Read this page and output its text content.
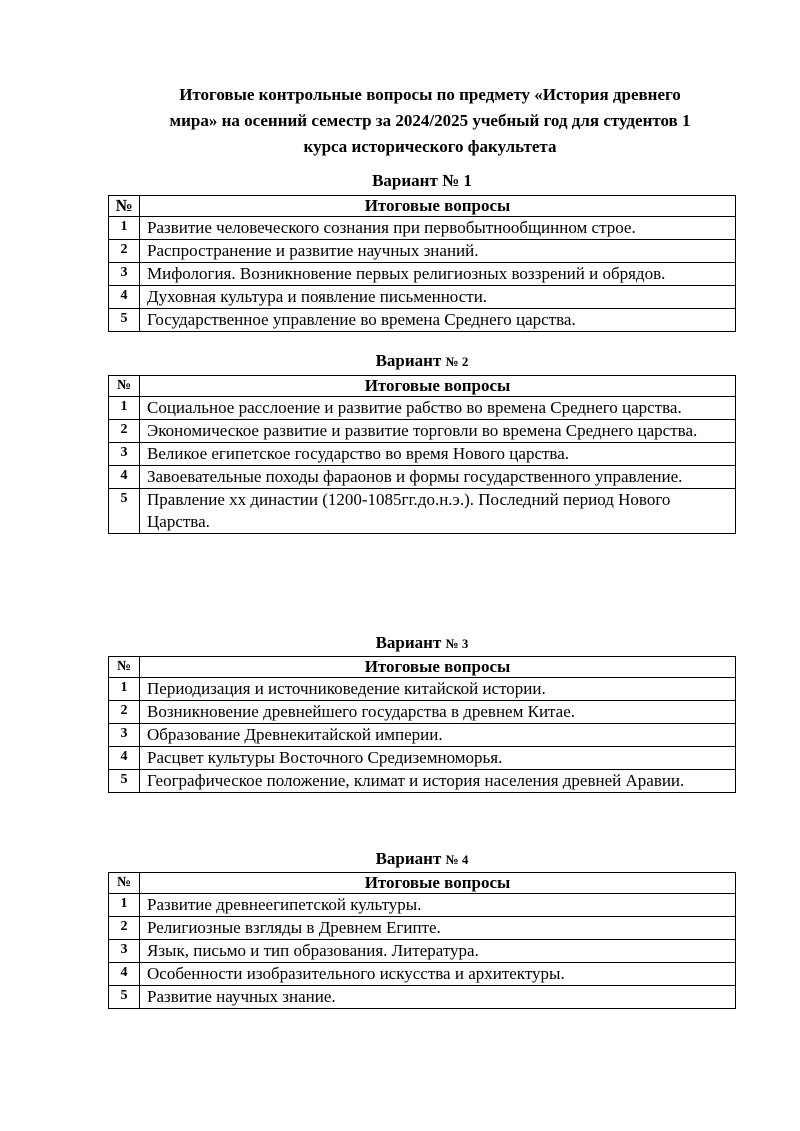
Итоговые контрольные вопросы по предмету «История древнего
мира» на осенний семестр за 2024/2025 учебный год для студентов 1
курса исторического факультета
Вариант № 1
№	Итоговые вопросы
1	Развитие человеческого сознания при первобытнообщинном строе.
2	Распространение и развитие научных знаний.
3	Мифология. Возникновение первых религиозных воззрений и обрядов.
4	Духовная культура и появление письменности.
5	Государственное управление во времена Среднего царства.
Вариант № 2
№	Итоговые вопросы
1	Социальное расслоение и развитие рабство во времена Среднего царства.
2	Экономическое развитие и развитие торговли во времена Среднего царства.
3	Великое египетское государство во время Нового царства.
4	Завоевательные походы фараонов и формы государственного управление.
5	Правление xx династии (1200-1085гг.до.н.э.). Последний период Нового Царства.
Вариант № 3
№	Итоговые вопросы
1	Периодизация и источниковедение китайской истории.
2	Возникновение древнейшего государства в древнем Китае.
3	Образование Древнекитайской империи.
4	Расцвет культуры Восточного Средиземноморья.
5	Географическое положение, климат и история населения древней Аравии.
Вариант № 4
№	Итоговые вопросы
1	Развитие древнеегипетской культуры.
2	Религиозные взгляды в Древнем Египте.
3	Язык, письмо и тип образования. Литература.
4	Особенности изобразительного искусства и архитектуры.
5	Развитие научных знание.
